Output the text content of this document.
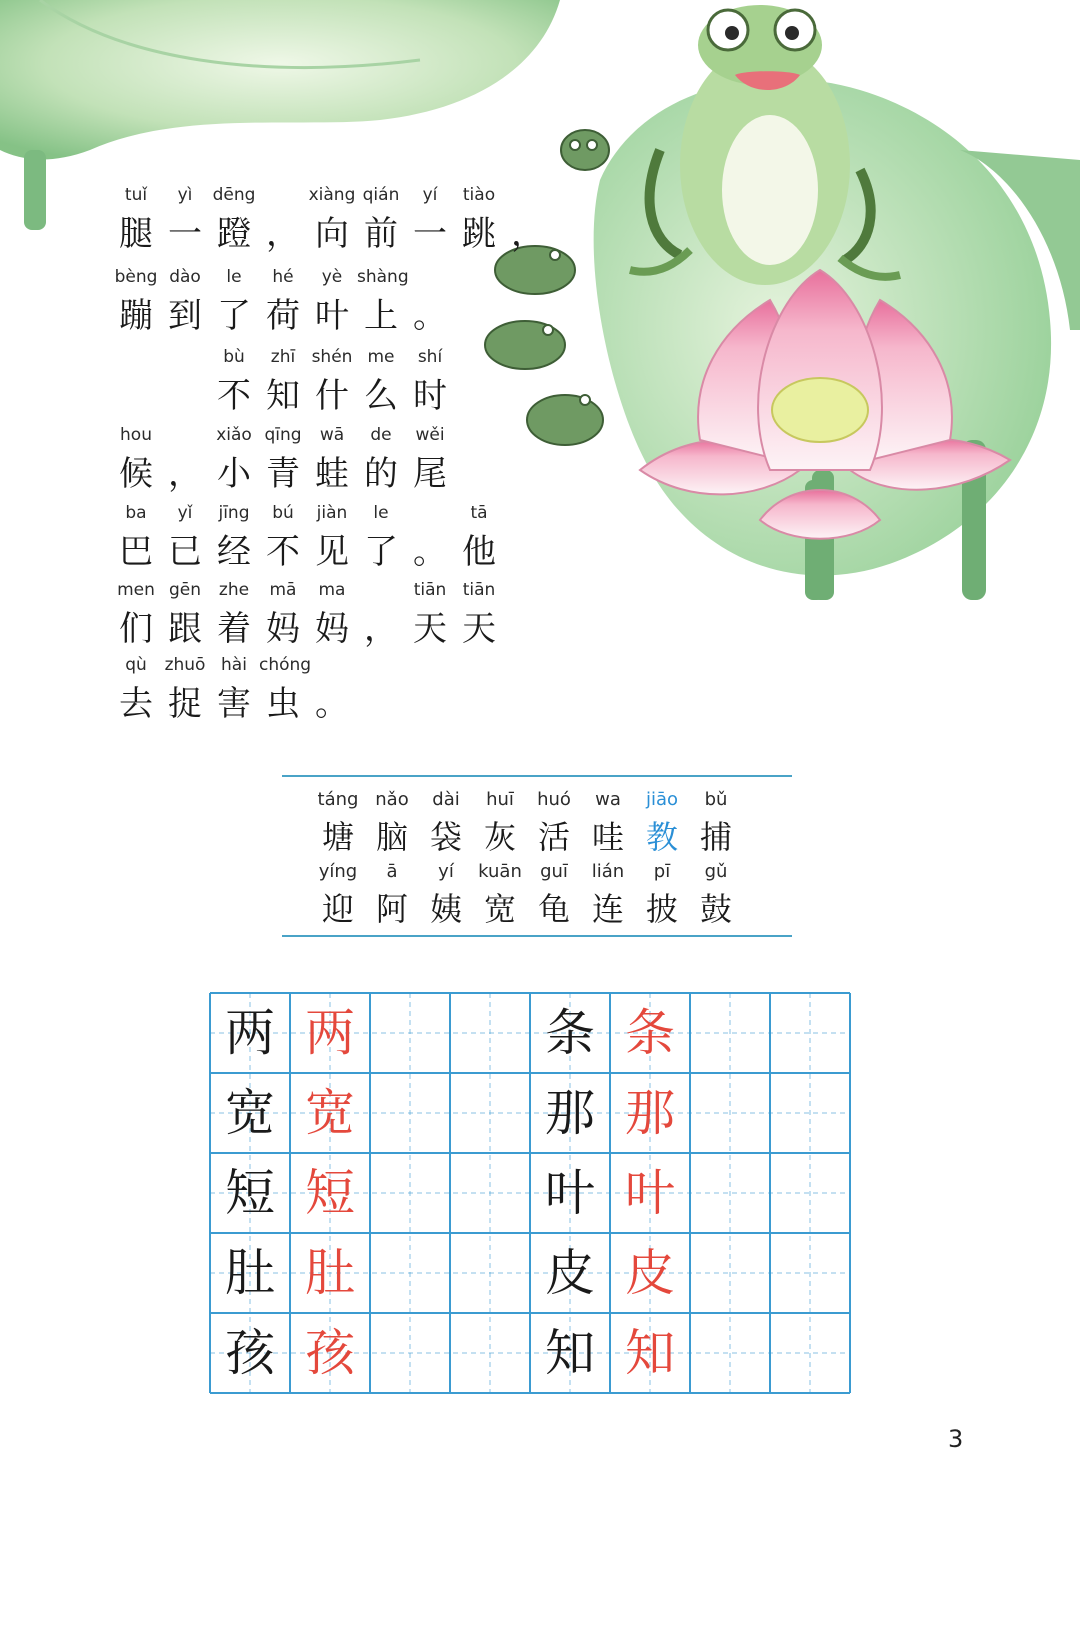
tuǐ
腿
yì
一
dēng
蹬 ，
xiàng
向
qián
前
yí
一
tiào
跳 ，
bèng
蹦
dào
到
le
了
hé
荷
yè
叶
shàng
上 。
bù
不
zhī
知
shén
什
me
么
shí
时
hou
候 ，
xiǎo
小
qīng
青
wā
蛙
de
的
wěi
尾
ba
巴
yǐ
已
jīng
经
bú
不
jiàn
见
le
了 。
tā
他
men
们
gēn
跟
zhe
着
mā
妈
ma
妈 ，
tiān
天
tiān
天
qù
去
zhuō
捉
hài
害
chóng
虫 。
táng
塘
nǎo
脑
dài
袋
huī
灰
huó
活
wa
哇
jiāo
教
bǔ
捕
yíng
迎
ā
阿
yí
姨
kuān
宽
guī
龟
lián
连
pī
披
gǔ
鼓
两 两
宽 宽
短 短
肚 肚
孩 孩
条 条
那 那
叶 叶
皮 皮
知 知
3
